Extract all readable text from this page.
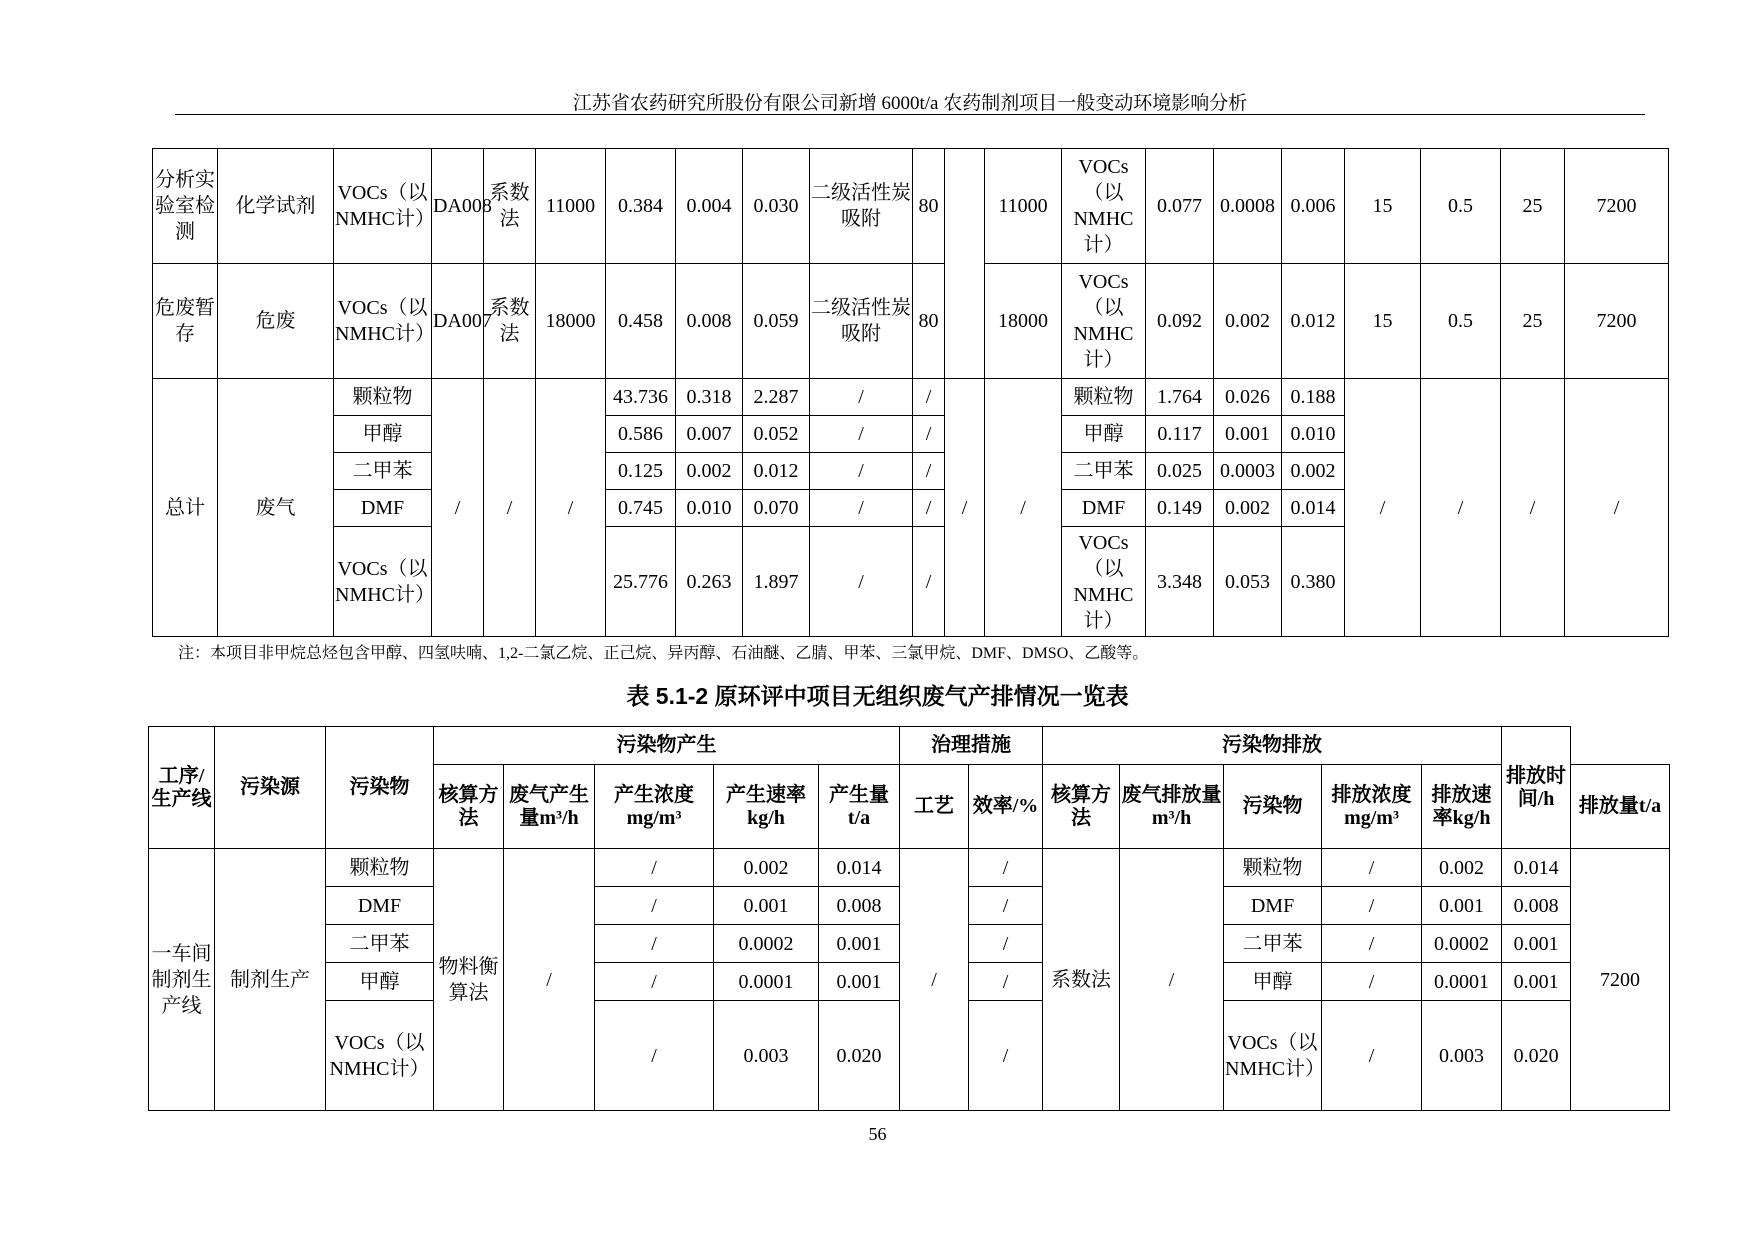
江苏省农药研究所股份有限公司新增 6000t/a 农药制剂项目一般变动环境影响分析
分析实验室检测	化学试剂	VOCs（以NMHC计）	DA008	系数法	11000	0.384	0.004	0.030	二级活性炭吸附	80		11000	VOCs（以NMHC计）	0.077	0.0008	0.006	15	0.5	25	7200
危废暂存	危废	VOCs（以NMHC计）	DA007	系数法	18000	0.458	0.008	0.059	二级活性炭吸附	80		18000	VOCs（以NMHC计）	0.092	0.002	0.012	15	0.5	25	7200
总计	废气	颗粒物	/	/	/	43.736	0.318	2.287	/	/	/	/	颗粒物	1.764	0.026	0.188	/	/	/	/
		甲醇				0.586	0.007	0.052	/	/			甲醇	0.117	0.001	0.010				
		二甲苯				0.125	0.002	0.012	/	/			二甲苯	0.025	0.0003	0.002				
		DMF				0.745	0.010	0.070	/	/			DMF	0.149	0.002	0.014				
		VOCs（以NMHC计）				25.776	0.263	1.897	/	/			VOCs（以NMHC计）	3.348	0.053	0.380				
注：本项目非甲烷总烃包含甲醇、四氢呋喃、1,2-二氯乙烷、正己烷、异丙醇、石油醚、乙腈、甲苯、三氯甲烷、DMF、DMSO、乙酸等。
表 5.1-2 原环评中项目无组织废气产排情况一览表
工序/生产线	污染源	污染物	污染物产生					治理措施		污染物排放					排放时间/h	
			核算方法	废气产生量m³/h	产生浓度mg/m³	产生速率kg/h	产生量t/a	工艺	效率/%	核算方法	废气排放量m³/h	污染物	排放浓度mg/m³	排放速率kg/h		排放量t/a
一车间制剂生产线	制剂生产	颗粒物	物料衡算法	/	/	0.002	0.014	/	/	系数法	/	颗粒物	/	0.002	0.014	7200
		DMF			/	0.001	0.008		/			DMF	/	0.001	0.008	
		二甲苯			/	0.0002	0.001		/			二甲苯	/	0.0002	0.001	
		甲醇			/	0.0001	0.001		/			甲醇	/	0.0001	0.001	
		VOCs（以NMHC计）			/	0.003	0.020		/			VOCs（以NMHC计）	/	0.003	0.020	
56
